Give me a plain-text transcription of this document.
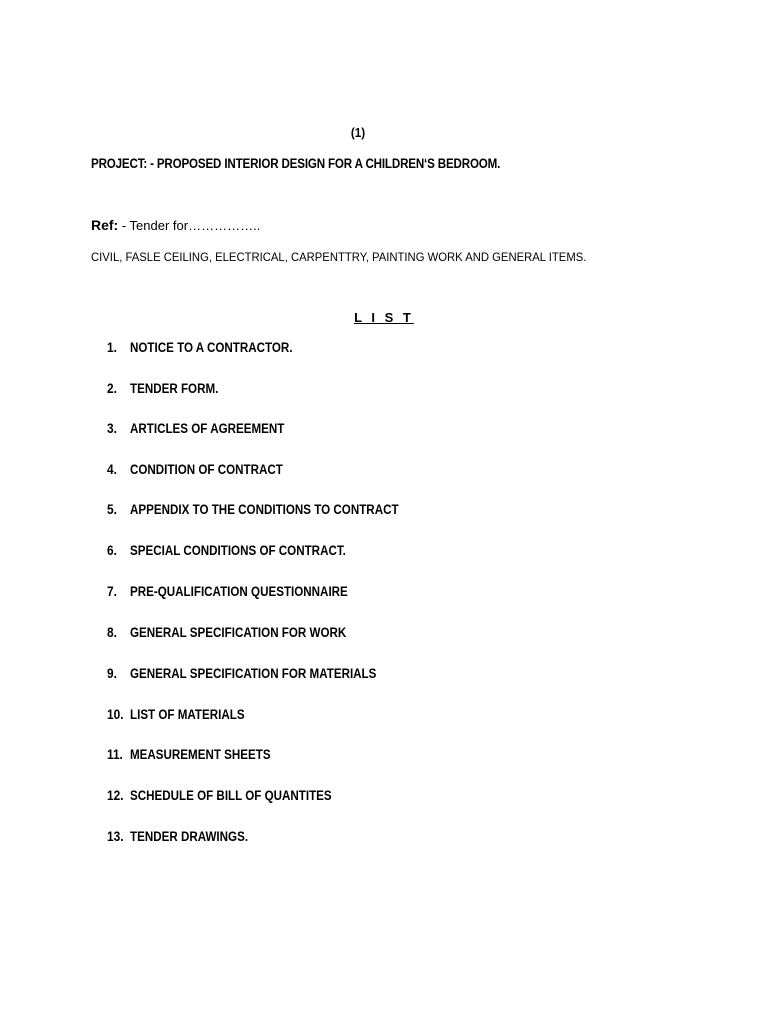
(1)
PROJECT: - PROPOSED INTERIOR DESIGN FOR A CHILDREN‘S BEDROOM.
Ref: - Tender for……………..
CIVIL, FASLE CEILING, ELECTRICAL, CARPENTTRY, PAINTING WORK AND GENERAL ITEMS.
L I S T
1. NOTICE TO A CONTRACTOR.
2. TENDER FORM.
3. ARTICLES OF AGREEMENT
4. CONDITION OF CONTRACT
5. APPENDIX TO THE CONDITIONS TO CONTRACT
6. SPECIAL CONDITIONS OF CONTRACT.
7. PRE-QUALIFICATION QUESTIONNAIRE
8. GENERAL SPECIFICATION FOR WORK
9. GENERAL SPECIFICATION FOR MATERIALS
10. LIST OF MATERIALS
11. MEASUREMENT SHEETS
12. SCHEDULE OF BILL OF QUANTITES
13. TENDER DRAWINGS.
